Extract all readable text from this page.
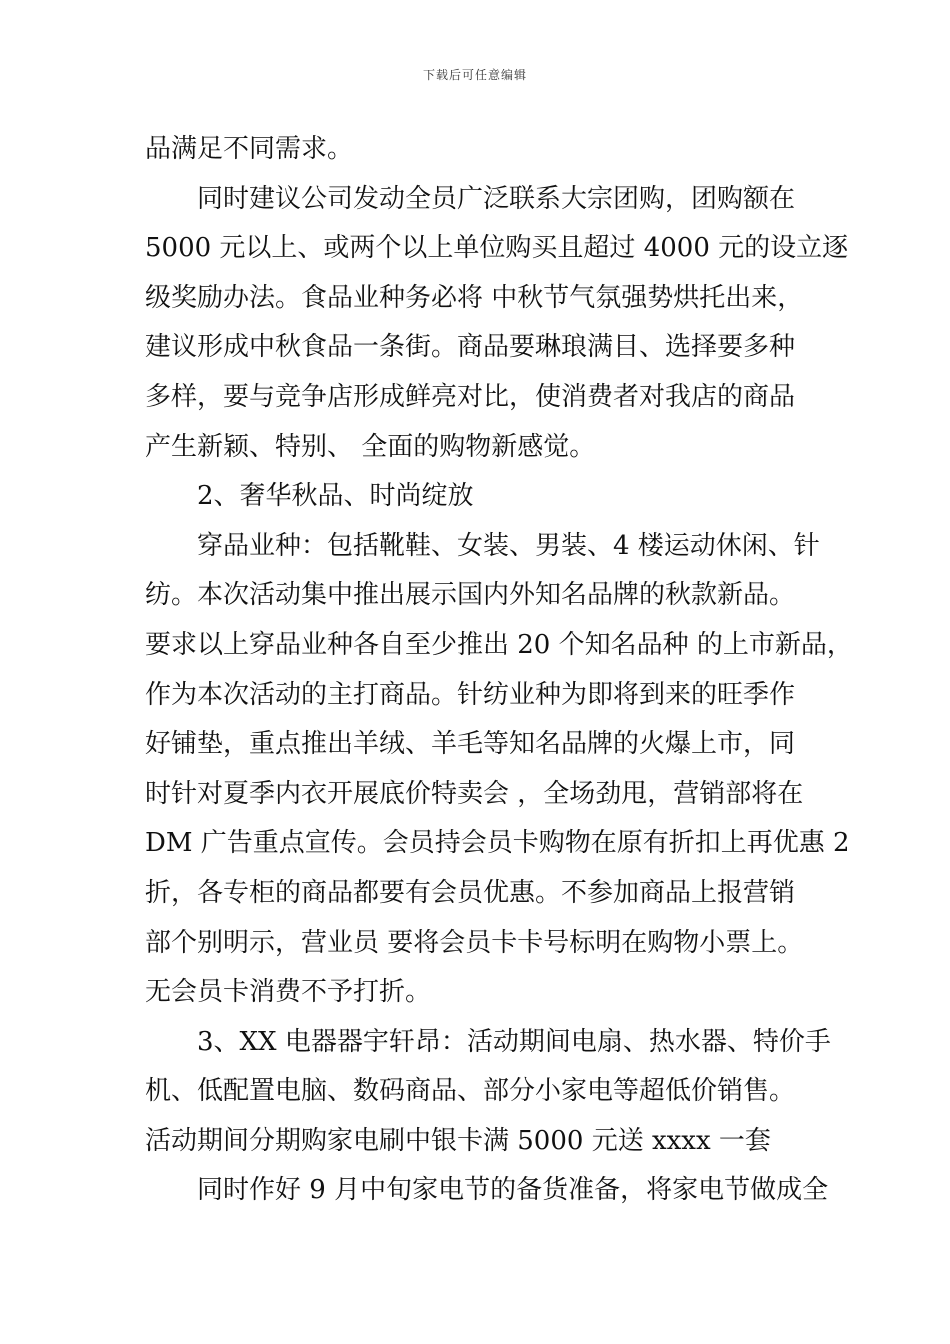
下载后可任意编辑

品满足不同需求。

同时建议公司发动全员广泛联系大宗团购，团购额在
5000 元以上、或两个以上单位购买且超过 4000 元的设立逐
级奖励办法。食品业种务必将 中秋节气氛强势烘托出来，
建议形成中秋食品一条街。商品要琳琅满目、选择要多种
多样，要与竞争店形成鲜亮对比，使消费者对我店的商品
产生新颖、特别、 全面的购物新感觉。

2、奢华秋品、时尚绽放

穿品业种：包括靴鞋、女装、男装、4 楼运动休闲、针
纺。本次活动集中推出展示国内外知名品牌的秋款新品。
要求以上穿品业种各自至少推出 20 个知名品种 的上市新品，
作为本次活动的主打商品。针纺业种为即将到来的旺季作
好铺垫，重点推出羊绒、羊毛等知名品牌的火爆上市，同
时针对夏季内衣开展底价特卖会 ，全场劲甩，营销部将在
DM 广告重点宣传。会员持会员卡购物在原有折扣上再优惠 2
折，各专柜的商品都要有会员优惠。不参加商品上报营销
部个别明示，营业员 要将会员卡卡号标明在购物小票上。
无会员卡消费不予打折。

3、XX 电器器宇轩昂：活动期间电扇、热水器、特价手
机、低配置电脑、数码商品、部分小家电等超低价销售。
活动期间分期购家电刷中银卡满 5000 元送 xxxx 一套

同时作好 9 月中旬家电节的备货准备，将家电节做成全
